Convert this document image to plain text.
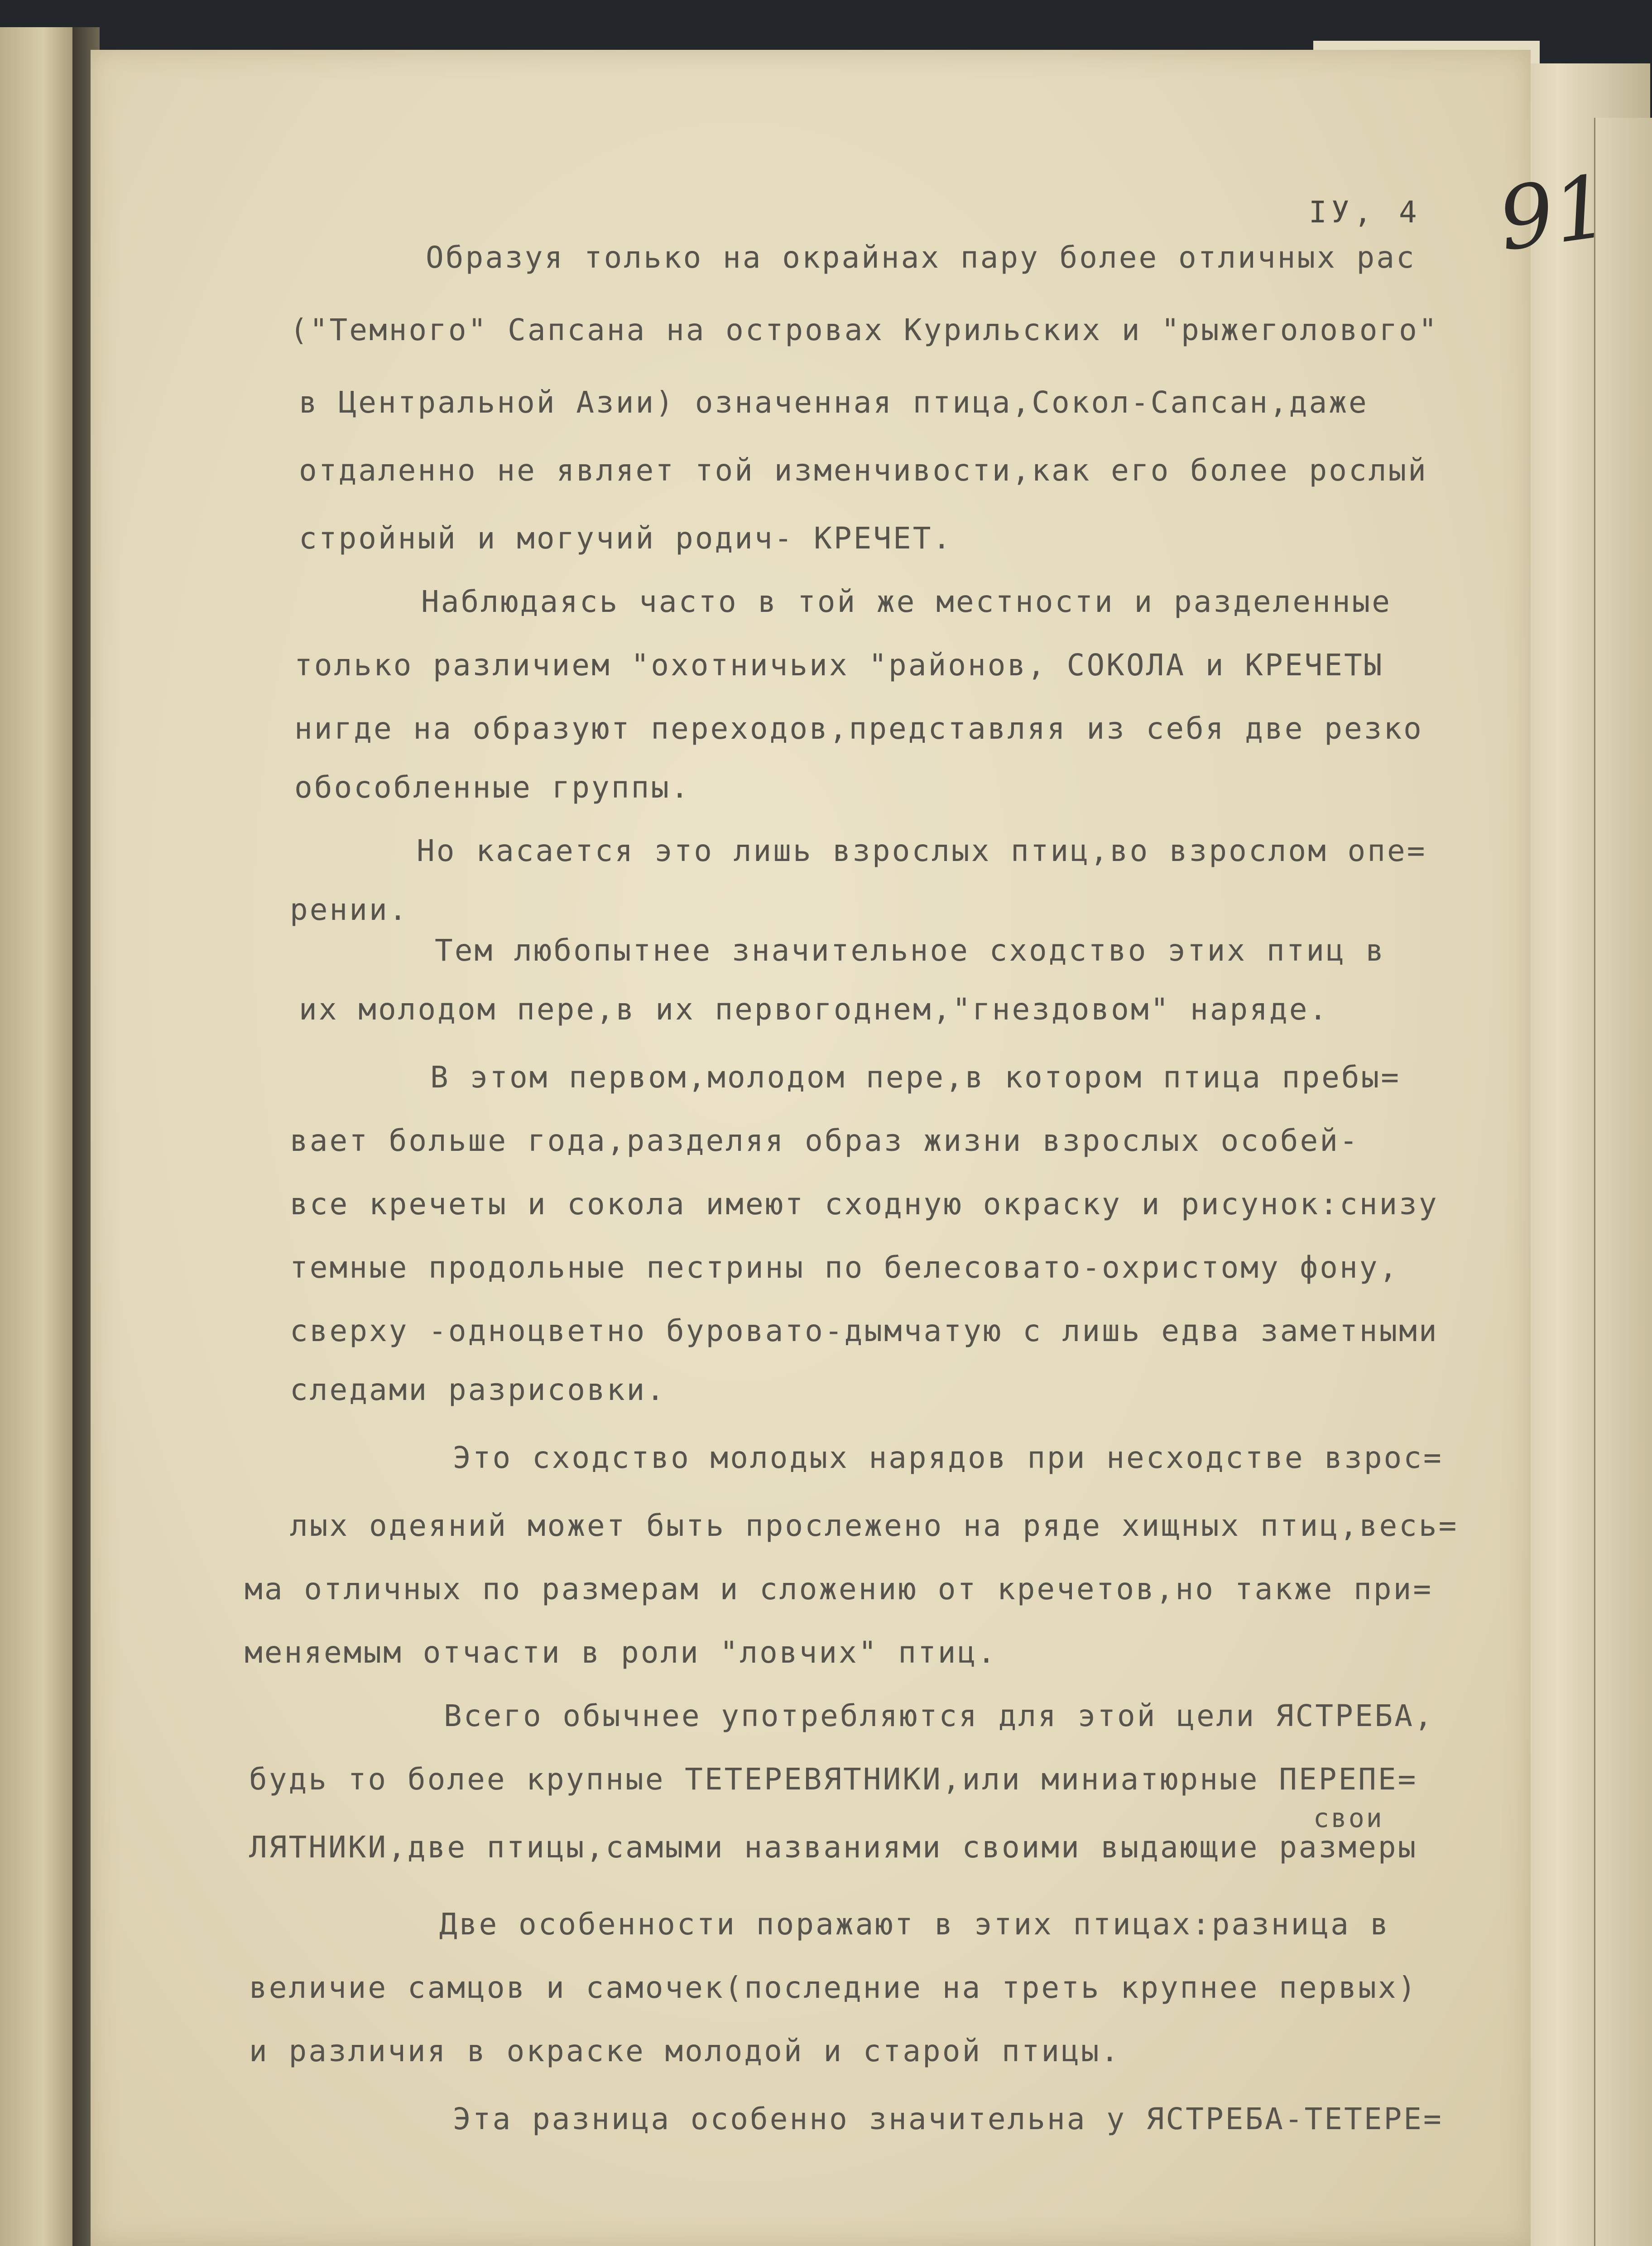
IУ, 4 91
Образуя только на окрайнах пару более отличных рас
("Темного" Сапсана на островах Курильских и "рыжеголового"
в Центральной Азии) означенная птица,Сокол-Сапсан,даже
отдаленно не являет той изменчивости,как его более рослый
стройный и могучий родич- КРЕЧЕТ.
Наблюдаясь часто в той же местности и разделенные
только различием "охотничьих "районов, СОКОЛА и КРЕЧЕТЫ
нигде на образуют переходов,представляя из себя две резко
обособленные группы.
Но касается это лишь взрослых птиц,во взрослом опе=
рении.
Тем любопытнее значительное сходство этих птиц в
их молодом пере,в их первогоднем,"гнездовом" наряде.
В этом первом,молодом пере,в котором птица пребы=
вает больше года,разделяя образ жизни взрослых особей-
все кречеты и сокола имеют сходную окраску и рисунок:снизу
темные продольные пестрины по белесовато-охристому фону,
сверху -одноцветно буровато-дымчатую с лишь едва заметными
следами разрисовки.
Это сходство молодых нарядов при несходстве взрос=
лых одеяний может быть прослежено на ряде хищных птиц,весь=
ма отличных по размерам и сложению от кречетов,но также при=
меняемым отчасти в роли "ловчих" птиц.
Всего обычнее употребляются для этой цели ЯСТРЕБА,
будь то более крупные ТЕТЕРЕВЯТНИКИ,или миниатюрные ПЕРЕПЕ=
свои
ЛЯТНИКИ,две птицы,самыми названиями своими выдающие размеры
Две особенности поражают в этих птицах:разница в
величие самцов и самочек(последние на треть крупнее первых)
и различия в окраске молодой и старой птицы.
Эта разница особенно значительна у ЯСТРЕБА-ТЕТЕРЕ=
